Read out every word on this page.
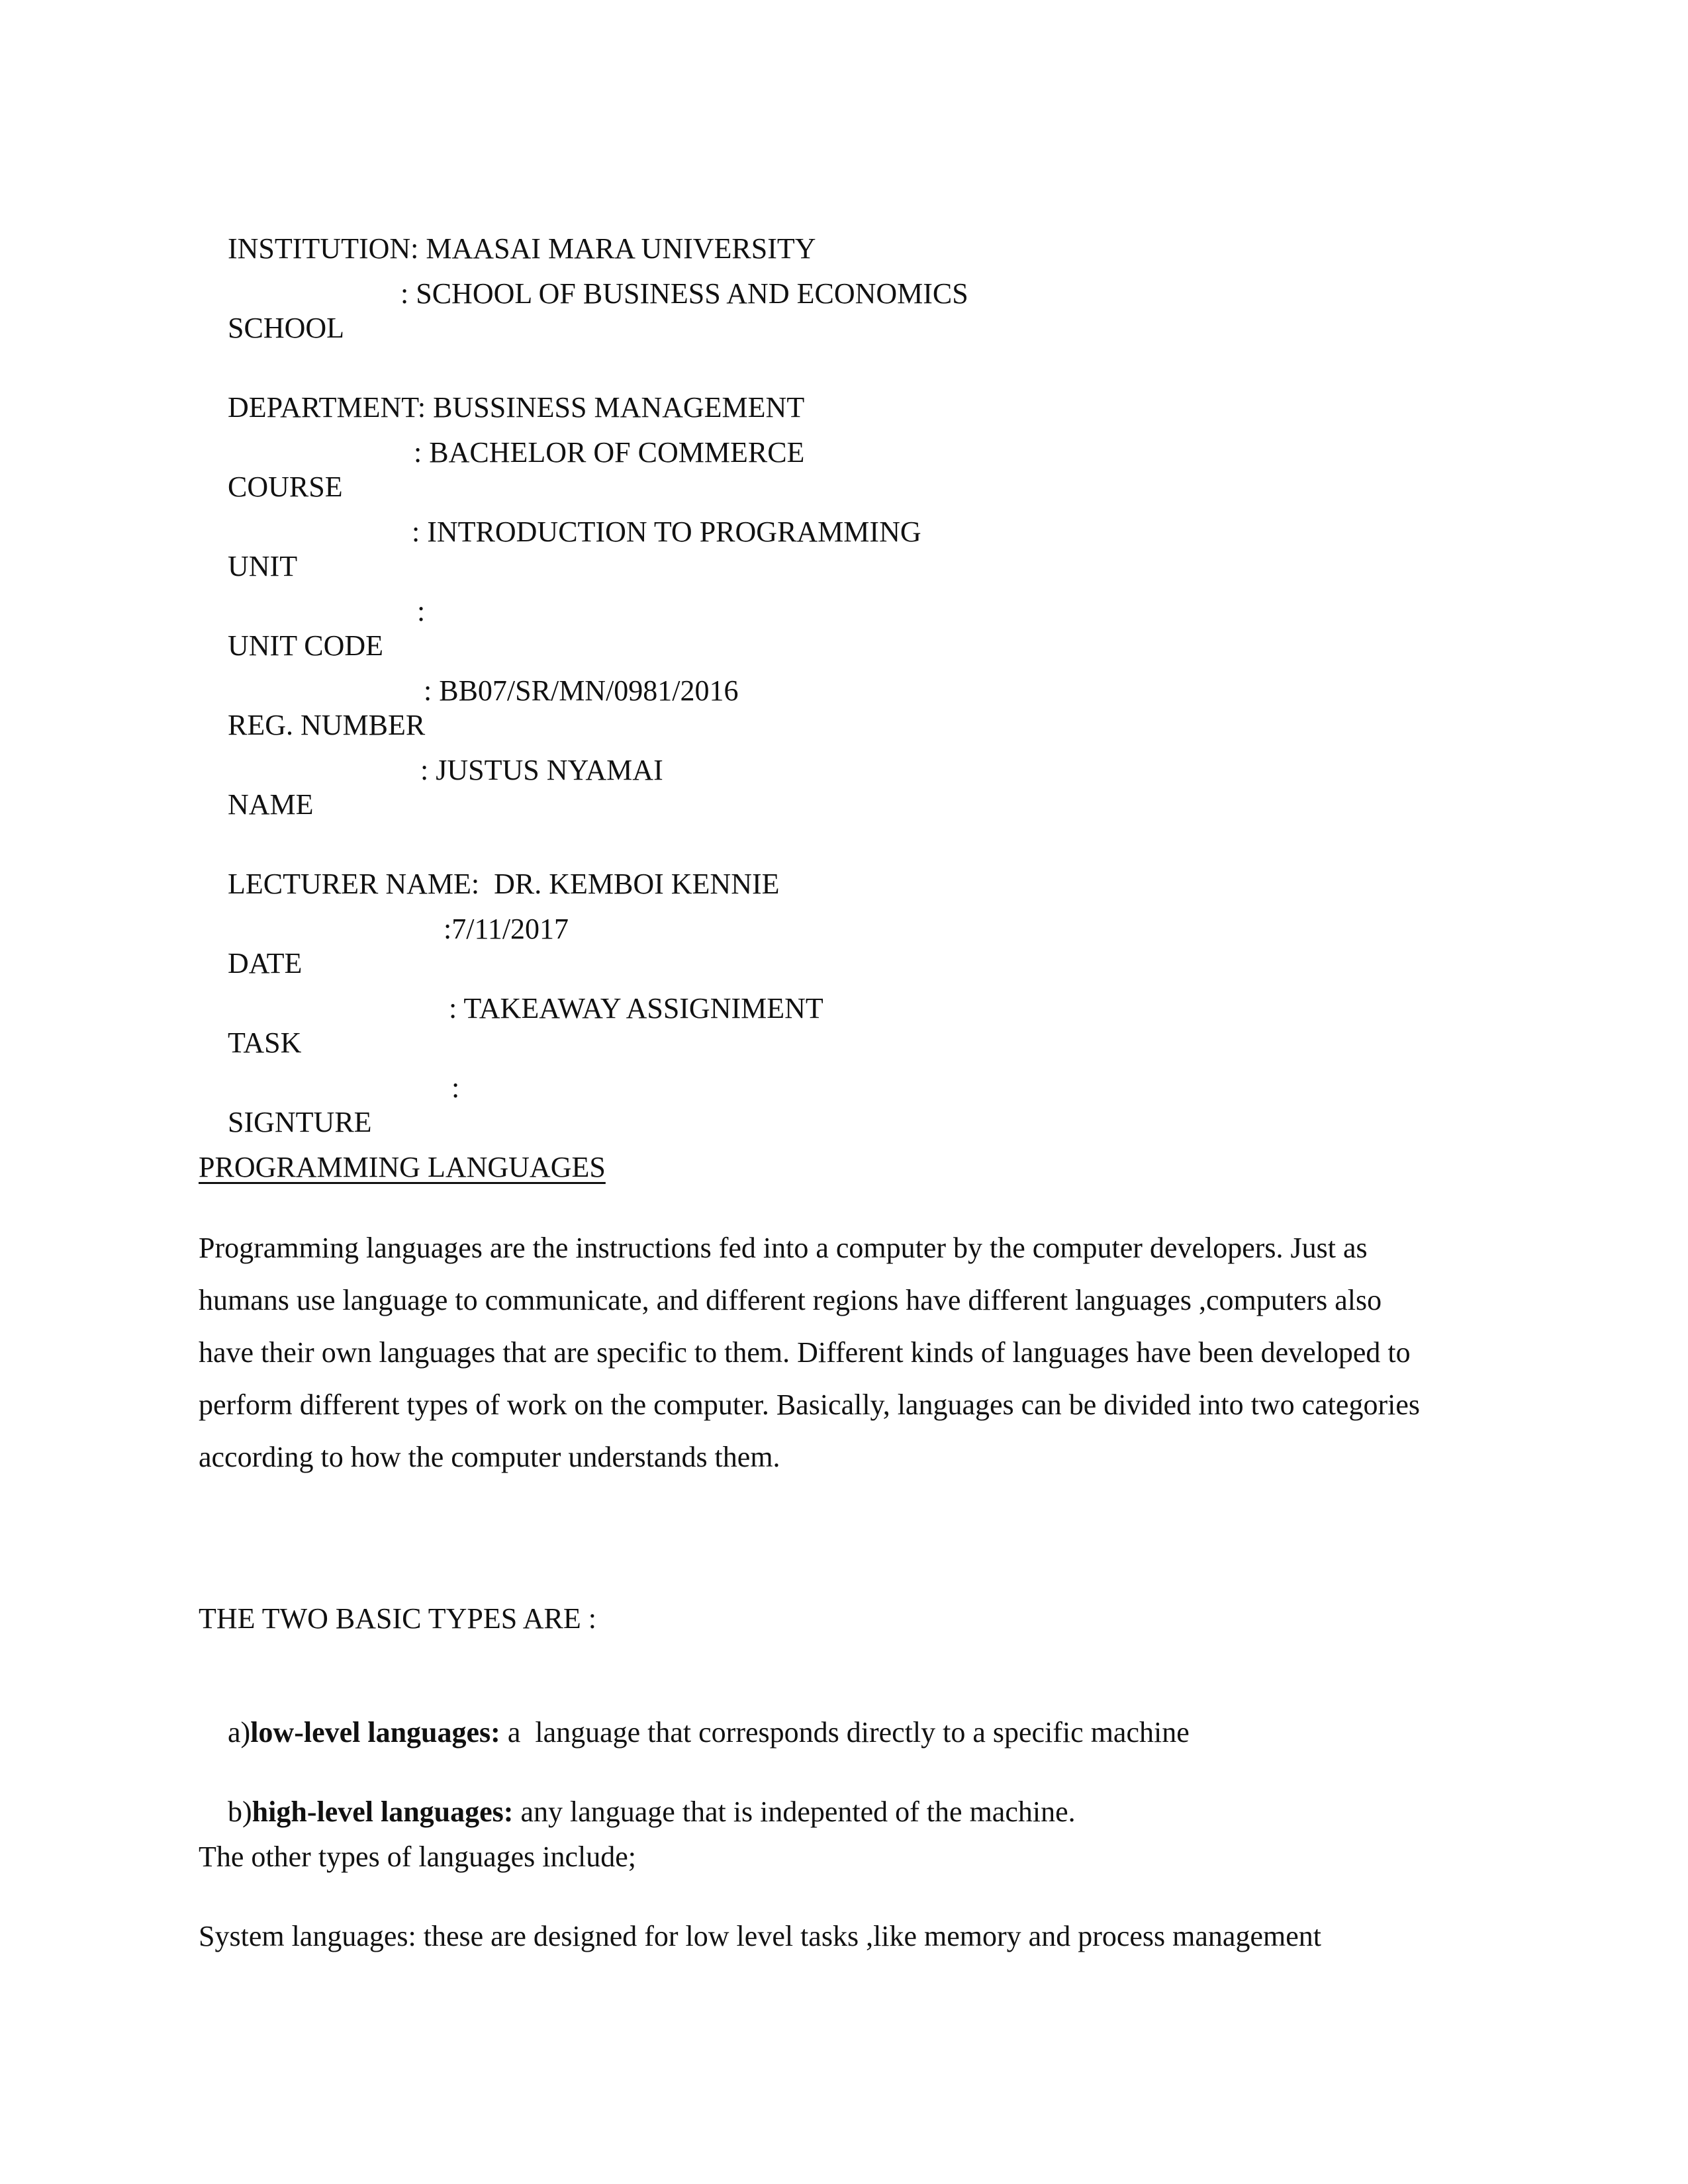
INSTITUTION: MAASAI MARA UNIVERSITY

SCHOOL
: SCHOOL OF BUSINESS AND ECONOMICS

DEPARTMENT: BUSSINESS MANAGEMENT

COURSE
: BACHELOR OF COMMERCE

UNIT
: INTRODUCTION TO PROGRAMMING

UNIT CODE
:

REG. NUMBER
: BB07/SR/MN/0981/2016

NAME
: JUSTUS NYAMAI

LECTURER NAME:  DR. KEMBOI KENNIE

DATE
:7/11/2017

TASK
: TAKEAWAY ASSIGNIMENT

SIGNTURE
:

PROGRAMMING LANGUAGES
Programming languages are the instructions fed into a computer by the computer developers. Just as
humans use language to communicate, and different regions have different languages ,computers also
have their own languages that are specific to them. Different kinds of languages have been developed to
perform different types of work on the computer. Basically, languages can be divided into two categories
according to how the computer understands them.
THE TWO BASIC TYPES ARE :

a)low-level languages: a  language that corresponds directly to a specific machine

b)high-level languages: any language that is indepented of the machine.

The other types of languages include;
System languages: these are designed for low level tasks ,like memory and process management
